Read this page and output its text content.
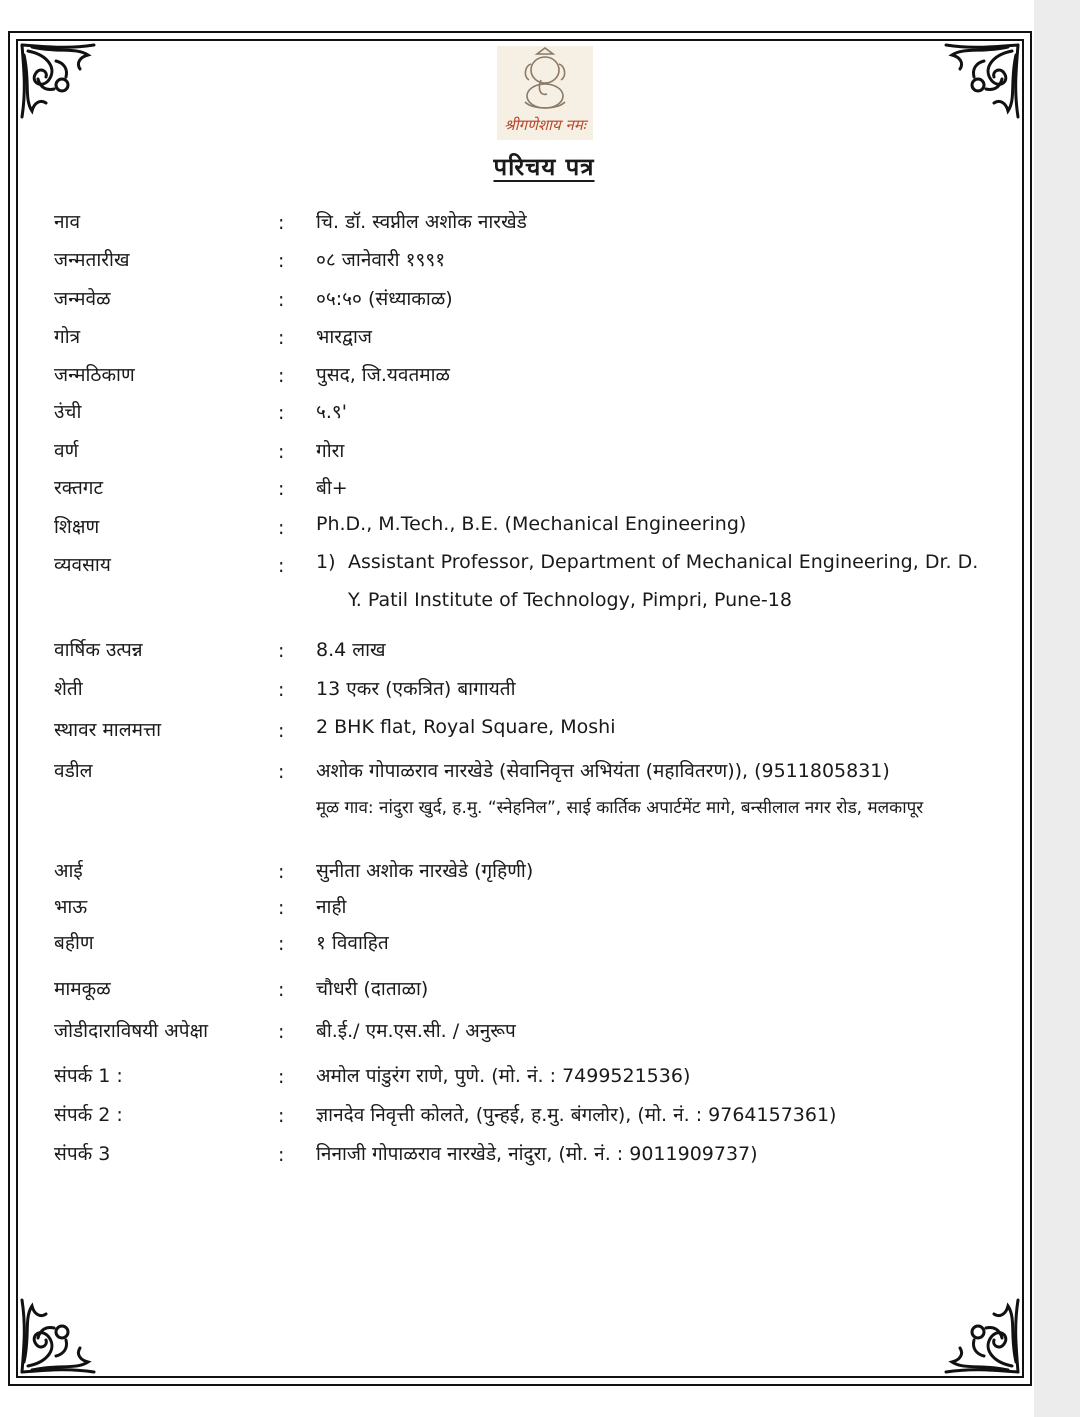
श्रीगणेशाय नमः
परिचय पत्र
नाव	: चि. डॉ. स्वप्नील अशोक नारखेडे
जन्मतारीख	: ०८ जानेवारी १९९१
जन्मवेळ	: ०५:५० (संध्याकाळ)
गोत्र	: भारद्वाज
जन्मठिकाण	: पुसद, जि.यवतमाळ
उंची	: ५.९'
वर्ण	: गोरा
रक्तगट	: बी+
शिक्षण	: Ph.D., M.Tech., B.E. (Mechanical Engineering)
व्यवसाय	: 1) Assistant Professor, Department of Mechanical Engineering, Dr. D.
Y. Patil Institute of Technology, Pimpri, Pune-18
वार्षिक उत्पन्न	: 8.4 लाख
शेती	: 13 एकर (एकत्रित) बागायती
स्थावर मालमत्ता	: 2 BHK flat, Royal Square, Moshi
वडील	: अशोक गोपाळराव नारखेडे (सेवानिवृत्त अभियंता (महावितरण)), (9511805831)
मूळ गाव: नांदुरा खुर्द, ह.मु. “स्नेहनिल”, साई कार्तिक अपार्टमेंट मागे, बन्सीलाल नगर रोड, मलकापूर
आई	: सुनीता अशोक नारखेडे (गृहिणी)
भाऊ	: नाही
बहीण	: १ विवाहित
मामकूळ	: चौधरी (दाताळा)
जोडीदाराविषयी अपेक्षा	: बी.ई./ एम.एस.सी. / अनुरूप
संपर्क 1 :	: अमोल पांडुरंग राणे, पुणे. (मो. नं. : 7499521536)
संपर्क 2 :	: ज्ञानदेव निवृत्ती कोलते, (पुन्हई, ह.मु. बंगलोर), (मो. नं. : 9764157361)
संपर्क 3	: निनाजी गोपाळराव नारखेडे, नांदुरा, (मो. नं. : 9011909737)
